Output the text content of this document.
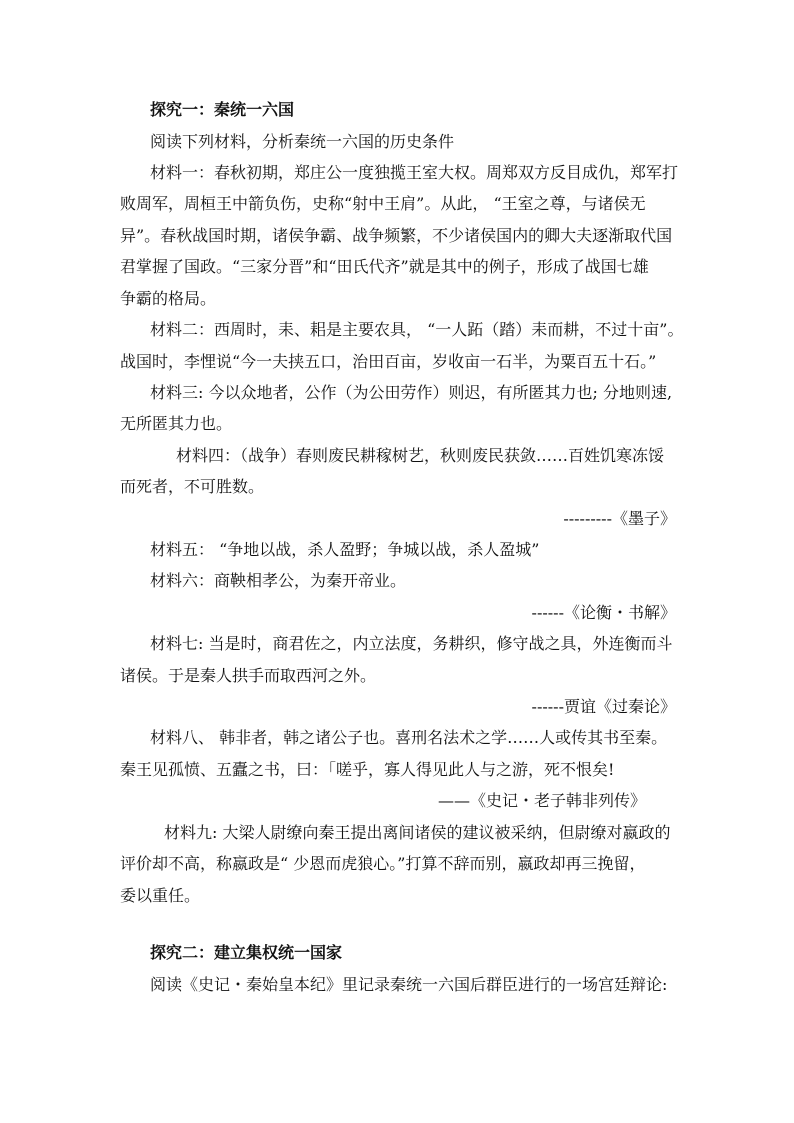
探究一：秦统一六国
阅读下列材料，分析秦统一六国的历史条件
材料一：春秋初期，郑庄公一度独揽王室大权。周郑双方反目成仇，郑军打
败周军，周桓王中箭负伤，史称“射中王肩”。从此， “王室之尊，与诸侯无
异”。春秋战国时期，诸侯争霸、战争频繁，不少诸侯国内的卿大夫逐渐取代国
君掌握了国政。“三家分晋”和“田氏代齐”就是其中的例子，形成了战国七雄
争霸的格局。
材料二：西周时，耒、耜是主要农具， “一人跖（踏）耒而耕，不过十亩”。
战国时，李悝说“今一夫挟五口，治田百亩，岁收亩一石半，为粟百五十石。”
材料三: 今以众地者，公作（为公田劳作）则迟，有所匿其力也; 分地则速,
无所匿其力也。
材料四：（战争）春则废民耕稼树艺，秋则废民获敛……百姓饥寒冻馁
而死者，不可胜数。
---------《墨子》
材料五： “争地以战，杀人盈野；争城以战，杀人盈城”
材料六：商鞅相孝公，为秦开帝业。
------《论衡・书解》
材料七: 当是时，商君佐之，内立法度，务耕织，修守战之具，外连衡而斗
诸侯。于是秦人拱手而取西河之外。
------贾谊《过秦论》
材料八、 韩非者，韩之诸公子也。喜刑名法术之学……人或传其书至秦。
秦王见孤愤、五蠹之书，曰：「嗟乎，寡人得见此人与之游，死不恨矣!
——《史记・老子韩非列传》
材料九: 大梁人尉缭向秦王提出离间诸侯的建议被采纳，但尉缭对嬴政的
评价却不高，称嬴政是“ 少恩而虎狼心。”打算不辞而别，嬴政却再三挽留，
委以重任。
探究二：建立集权统一国家
阅读《史记・秦始皇本纪》里记录秦统一六国后群臣进行的一场宫廷辩论:
